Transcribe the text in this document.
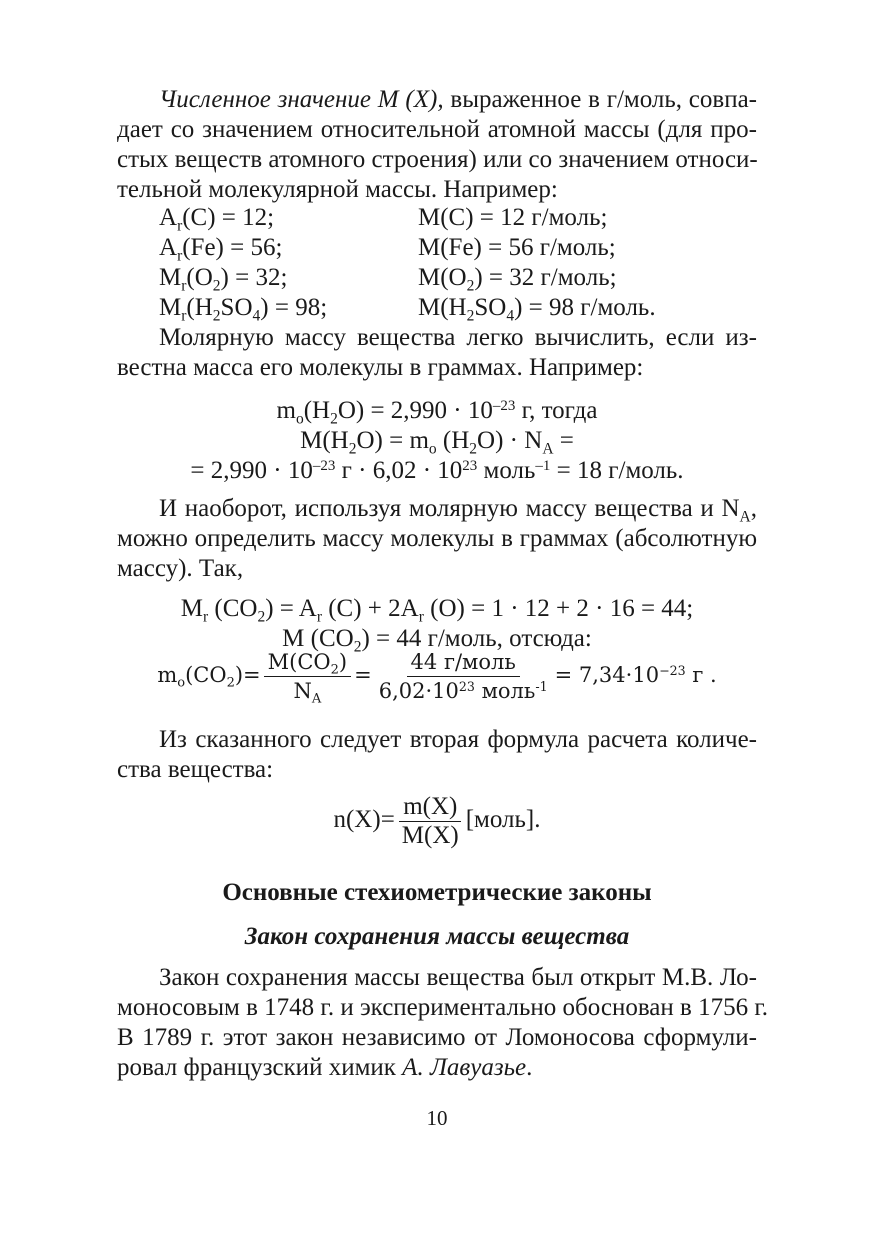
Численное значение М (Х), выраженное в г/моль, совпа-
дает со значением относительной атомной массы (для про-
стых веществ атомного строения) или со значением относи-
тельной молекулярной массы. Например:
$A_r(C) = 12$;	M(C) = 12 г/моль;
$A_r(Fe) = 56$;	M(Fe) = 56 г/моль;
$M_r(O_2) = 32$;	$M(O_2) = 32$ г/моль;
$M_r(H_2SO_4) = 98$;	$M(H_2SO_4) = 98$ г/моль.
Молярную массу вещества легко вычислить, если из-
вестна масса его молекулы в граммах. Например:
$m_o(H_2O) = 2,990 \cdot 10^{-23}$ г, тогда
$M(H_2O) = m_o$ $(H_2O) \cdot N_A$ =
= $2,990 \cdot 10^{-23}$ $г \cdot 6,02 \cdot 10^{23}$ моль$^{-1}$ = 18 г/моль.
И наоборот, используя молярную массу вещества и $N_A$,
можно определить массу молекулы в граммах (абсолютную
массу). Так,
$M_r$ $(CO_2) = A_r$ $(C) + 2A_r$ (O) = 1 · 12 + 2 · 16 = 44;
M $(CO_2) = 44$ г/моль, отсюда:
$m_o(CO_2)= \frac{M(CO_2)}{N_A} = \frac{\text{44 г/моль}}{6,02\cdot 10^{23} моль^{-1}} = 7,34\cdot 10^{-23}$ г .
Из сказанного следует вторая формула расчета количе-
ства вещества:
$n(X)= \frac{m(X)}{M(X)}$ [моль].
Основные стехиометрические законы
Закон сохранения массы вещества
Закон сохранения массы вещества был открыт М.В. Ло-
моносовым в 1748 г. и экспериментально обоснован в 1756 г.
В 1789 г. этот закон независимо от Ломоносова сформули-
ровал французский химик А. Лавуазье.
10
